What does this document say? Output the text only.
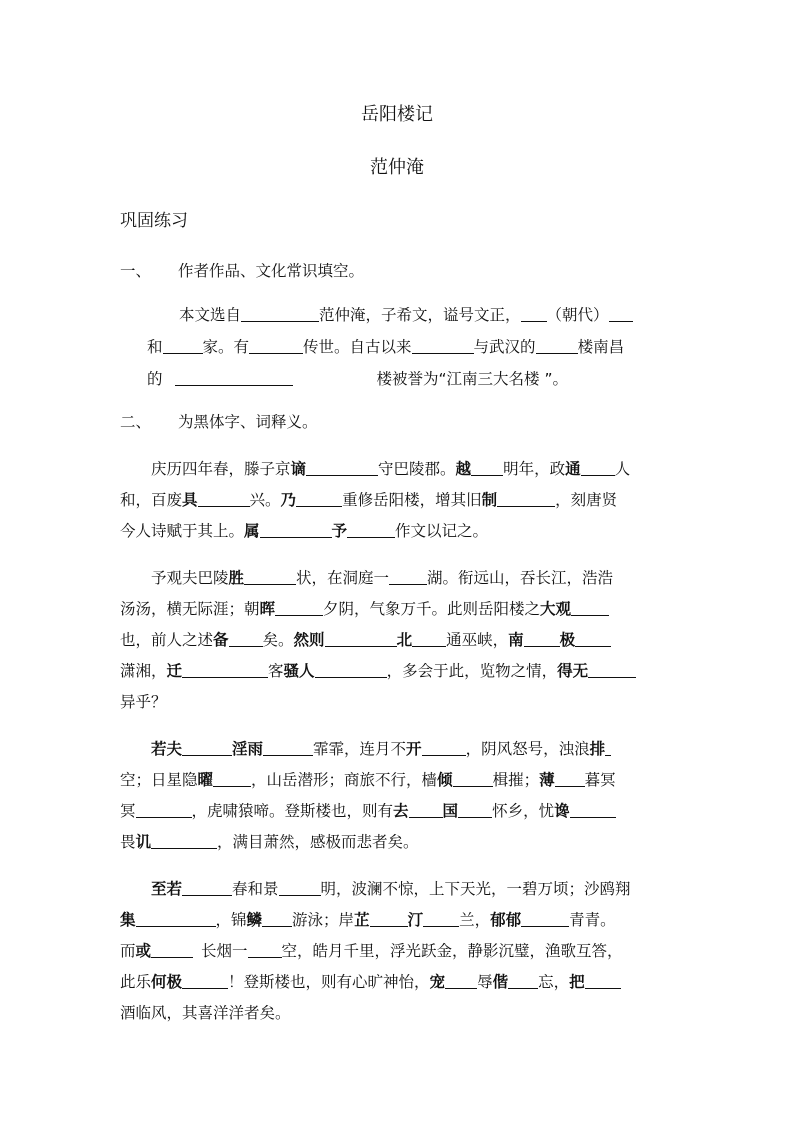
岳阳楼记
范仲淹
巩固练习
一、 作者作品、文化常识填空。
本文选自	范仲淹，子希文，谥号文正， （朝代）
和	家。有	传世。自古以来	与武汉的	楼南昌
的	楼被誉为“江南三大名楼 ”。
二、 为黑体字、词释义。
庆历四年春，滕子京谪	守巴陵郡。越 明年，政通 人
和，百废具	兴。乃	重修岳阳楼，增其旧制	，刻唐贤
今人诗赋于其上。属	予	作文以记之。
予观夫巴陵胜	状，在洞庭一 湖。衔远山，吞长江，浩浩
汤汤，横无际涯；朝晖	夕阴，气象万千。此则岳阳楼之大观
也，前人之述备 矣。然则	北 通巫峡，南 极
潇湘，迁	客骚人	，多会于此，览物之情，得无
异乎？
若夫	淫雨	霏霏，连月不开	，阴风怒号，浊浪排
空；日星隐曜 ，山岳潜形；商旅不行，樯倾	楫摧；薄 暮冥
冥	，虎啸猿啼。登斯楼也，则有去 国 怀乡，忧谗
畏讥	，满目萧然，感极而悲者矣。
至若	春和景	明，波澜不惊，上下天光，一碧万顷；沙鸥翔
集	，锦鳞 游泳；岸芷 汀 兰，郁郁	青青。
而或	长烟一 空，皓月千里，浮光跃金，静影沉璧，渔歌互答，
此乐何极	！登斯楼也，则有心旷神怡，宠 辱偕 忘，把
酒临风，其喜洋洋者矣。
